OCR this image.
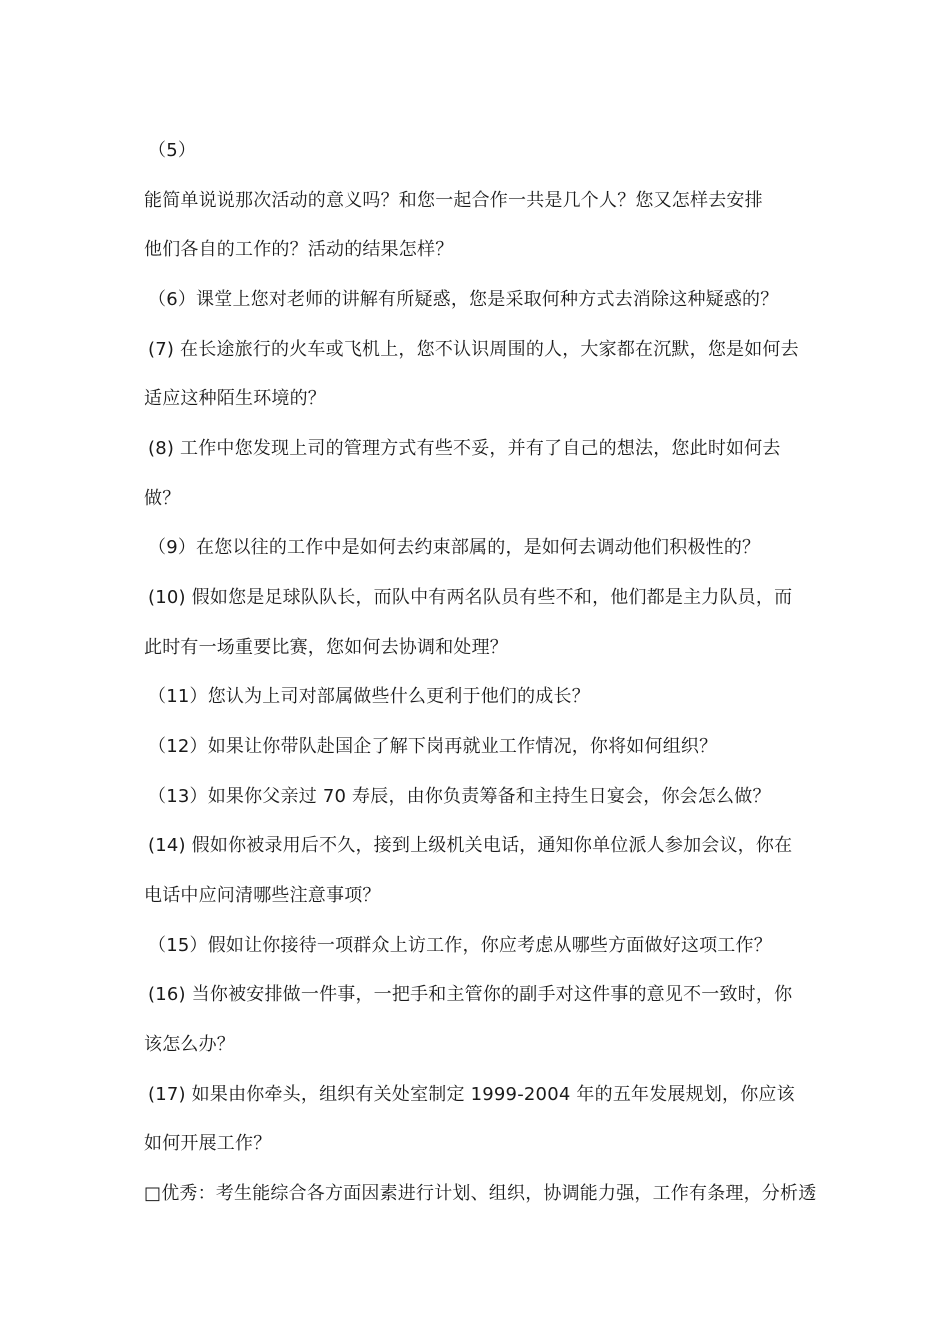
（5）
能简单说说那次活动的意义吗？和您一起合作一共是几个人？您又怎样去安排
他们各自的工作的？活动的结果怎样？
（6）课堂上您对老师的讲解有所疑惑，您是采取何种方式去消除这种疑惑的？
(7) 在长途旅行的火车或飞机上，您不认识周围的人，大家都在沉默，您是如何去
适应这种陌生环境的？
(8) 工作中您发现上司的管理方式有些不妥，并有了自己的想法，您此时如何去
做？
（9）在您以往的工作中是如何去约束部属的，是如何去调动他们积极性的？
(10) 假如您是足球队队长，而队中有两名队员有些不和，他们都是主力队员，而
此时有一场重要比赛，您如何去协调和处理？
（11）您认为上司对部属做些什么更利于他们的成长？
（12）如果让你带队赴国企了解下岗再就业工作情况，你将如何组织？
（13）如果你父亲过 70 寿辰，由你负责筹备和主持生日宴会，你会怎么做？
(14) 假如你被录用后不久，接到上级机关电话，通知你单位派人参加会议，你在
电话中应问清哪些注意事项？
（15）假如让你接待一项群众上访工作，你应考虑从哪些方面做好这项工作？
(16) 当你被安排做一件事，一把手和主管你的副手对这件事的意见不一致时，你
该怎么办？
(17) 如果由你牵头，组织有关处室制定 1999-2004 年的五年发展规划，你应该
如何开展工作？
□优秀：考生能综合各方面因素进行计划、组织，协调能力强，工作有条理，分析透
